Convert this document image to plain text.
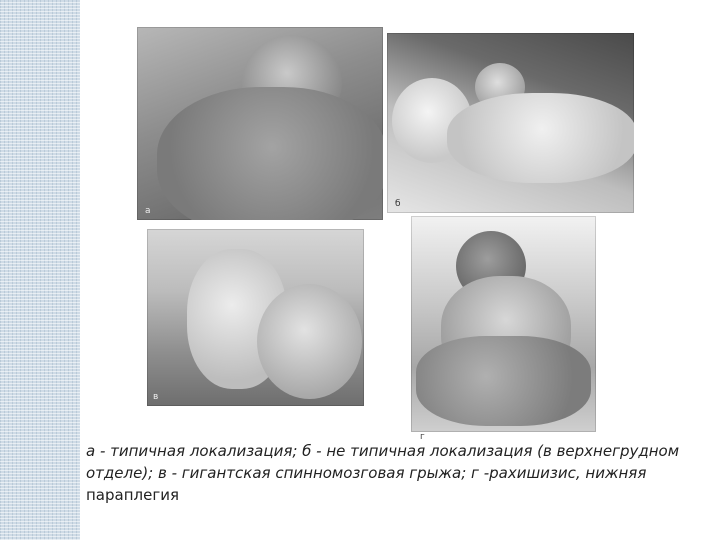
а
б
в
г
а - типичная локализация; б - не типичная локализация (в верхнегрудном отделе); в - гигантская спинномозговая грыжа; г -рахишизис, нижняя параплегия
